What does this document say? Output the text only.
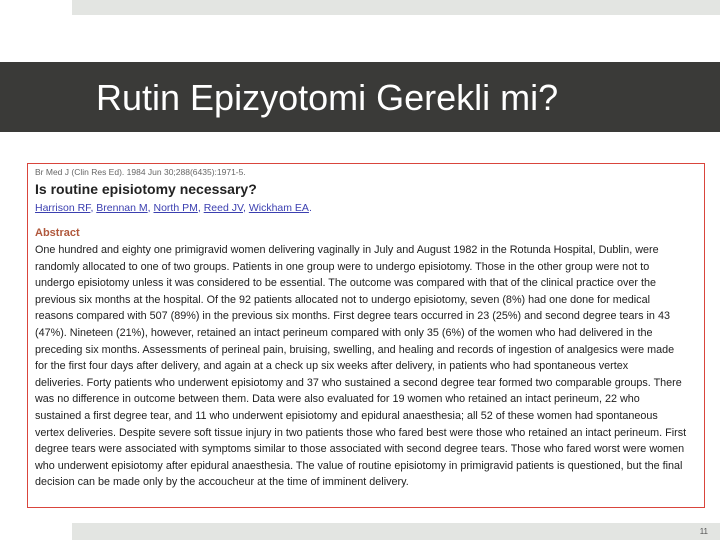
Rutin Epizyotomi Gerekli mi?
Br Med J (Clin Res Ed). 1984 Jun 30;288(6435):1971-5.
Is routine episiotomy necessary?
Harrison RF, Brennan M, North PM, Reed JV, Wickham EA.
Abstract
One hundred and eighty one primigravid women delivering vaginally in July and August 1982 in the Rotunda Hospital, Dublin, were
randomly allocated to one of two groups. Patients in one group were to undergo episiotomy. Those in the other group were not to
undergo episiotomy unless it was considered to be essential. The outcome was compared with that of the clinical practice over the
previous six months at the hospital. Of the 92 patients allocated not to undergo episiotomy, seven (8%) had one done for medical
reasons compared with 507 (89%) in the previous six months. First degree tears occurred in 23 (25%) and second degree tears in 43
(47%). Nineteen (21%), however, retained an intact perineum compared with only 35 (6%) of the women who had delivered in the
preceding six months. Assessments of perineal pain, bruising, swelling, and healing and records of ingestion of analgesics were made
for the first four days after delivery, and again at a check up six weeks after delivery, in patients who had spontaneous vertex
deliveries. Forty patients who underwent episiotomy and 37 who sustained a second degree tear formed two comparable groups. There
was no difference in outcome between them. Data were also evaluated for 19 women who retained an intact perineum, 22 who
sustained a first degree tear, and 11 who underwent episiotomy and epidural anaesthesia; all 52 of these women had spontaneous
vertex deliveries. Despite severe soft tissue injury in two patients those who fared best were those who retained an intact perineum. First
degree tears were associated with symptoms similar to those associated with second degree tears. Those who fared worst were women
who underwent episiotomy after epidural anaesthesia. The value of routine episiotomy in primigravid patients is questioned, but the final
decision can be made only by the accoucheur at the time of imminent delivery.
11
